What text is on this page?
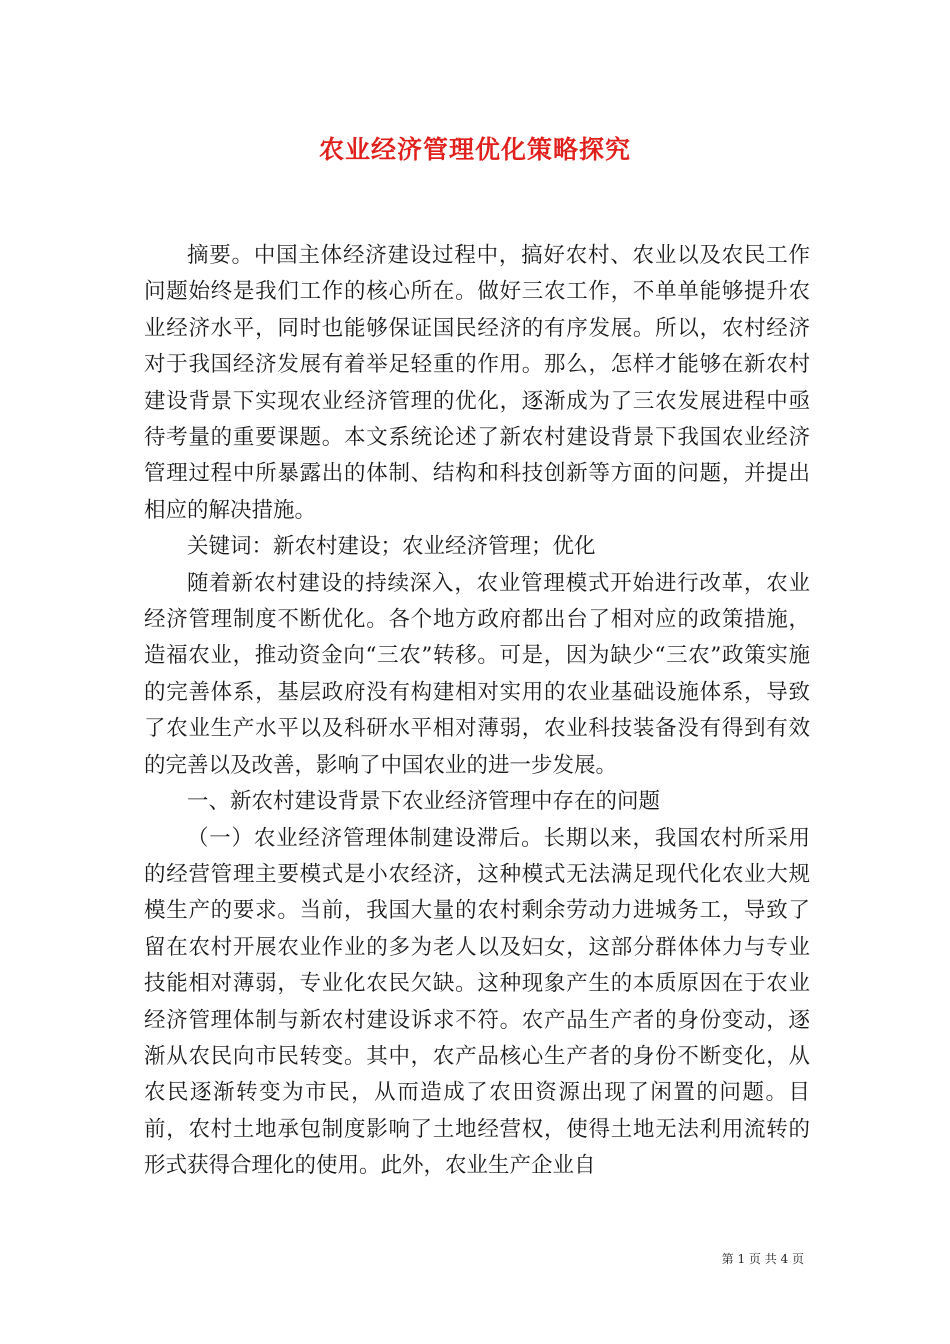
农业经济管理优化策略探究

摘要。中国主体经济建设过程中，搞好农村、农业以及农民工作问题始终是我们工作的核心所在。做好三农工作，不单单能够提升农业经济水平，同时也能够保证国民经济的有序发展。所以，农村经济对于我国经济发展有着举足轻重的作用。那么，怎样才能够在新农村建设背景下实现农业经济管理的优化，逐渐成为了三农发展进程中亟待考量的重要课题。本文系统论述了新农村建设背景下我国农业经济管理过程中所暴露出的体制、结构和科技创新等方面的问题，并提出相应的解决措施。

关键词：新农村建设；农业经济管理；优化

随着新农村建设的持续深入，农业管理模式开始进行改革，农业经济管理制度不断优化。各个地方政府都出台了相对应的政策措施，造福农业，推动资金向“三农”转移。可是，因为缺少“三农”政策实施的完善体系，基层政府没有构建相对实用的农业基础设施体系，导致了农业生产水平以及科研水平相对薄弱，农业科技装备没有得到有效的完善以及改善，影响了中国农业的进一步发展。

一、新农村建设背景下农业经济管理中存在的问题

（一）农业经济管理体制建设滞后。长期以来，我国农村所采用的经营管理主要模式是小农经济，这种模式无法满足现代化农业大规模生产的要求。当前，我国大量的农村剩余劳动力进城务工，导致了留在农村开展农业作业的多为老人以及妇女，这部分群体体力与专业技能相对薄弱，专业化农民欠缺。这种现象产生的本质原因在于农业经济管理体制与新农村建设诉求不符。农产品生产者的身份变动，逐渐从农民向市民转变。其中，农产品核心生产者的身份不断变化，从农民逐渐转变为市民，从而造成了农田资源出现了闲置的问题。目前，农村土地承包制度影响了土地经营权，使得土地无法利用流转的形式获得合理化的使用。此外，农业生产企业自

第 1 页 共 4 页
